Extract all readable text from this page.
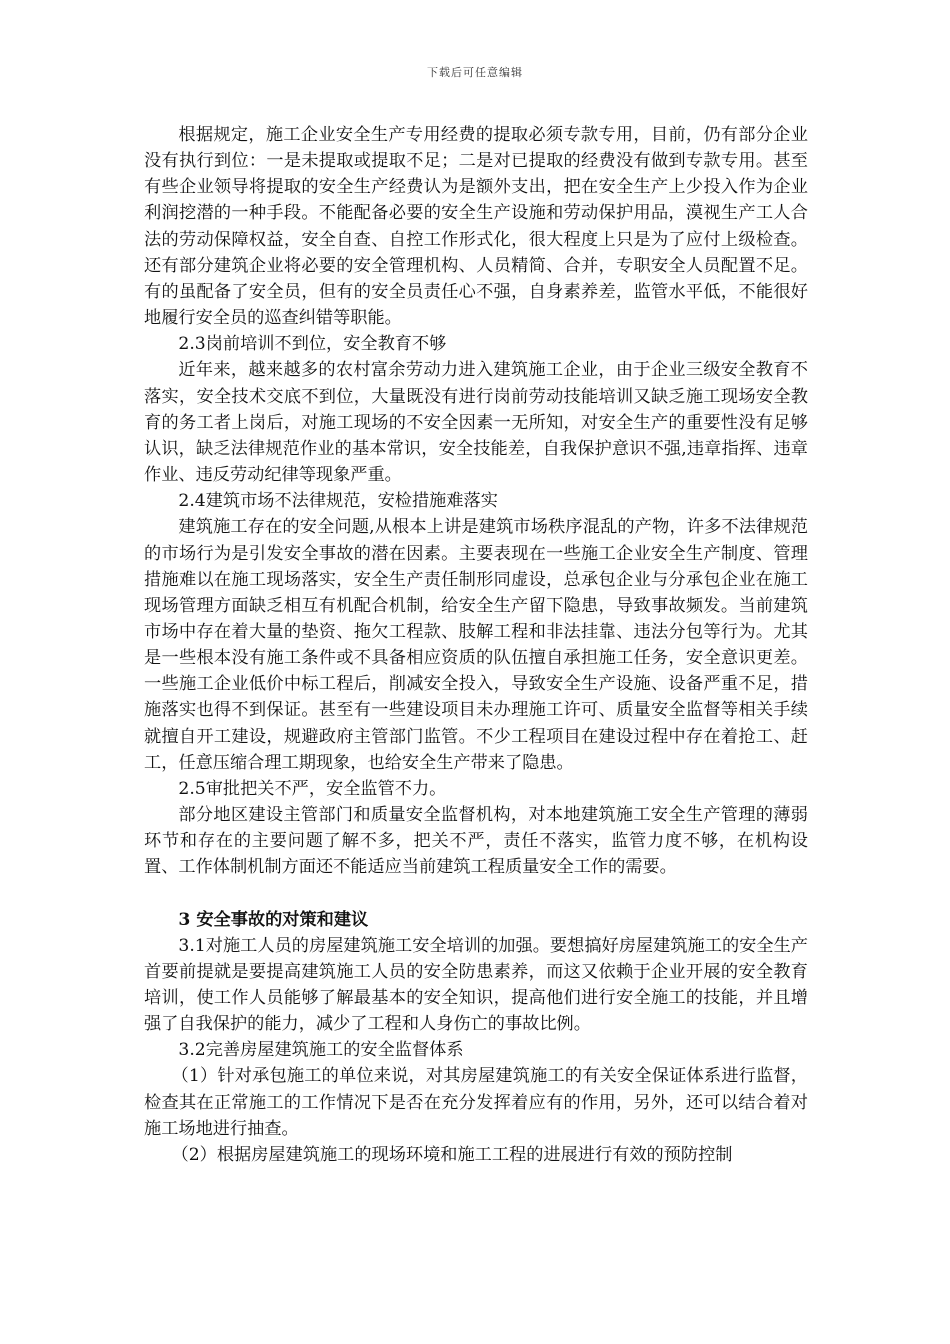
下载后可任意编辑

根据规定，施工企业安全生产专用经费的提取必须专款专用，目前，仍有部分企业没有执行到位：一是未提取或提取不足；二是对已提取的经费没有做到专款专用。甚至有些企业领导将提取的安全生产经费认为是额外支出，把在安全生产上少投入作为企业利润挖潜的一种手段。不能配备必要的安全生产设施和劳动保护用品，漠视生产工人合法的劳动保障权益，安全自查、自控工作形式化，很大程度上只是为了应付上级检查。还有部分建筑企业将必要的安全管理机构、人员精简、合并，专职安全人员配置不足。有的虽配备了安全员，但有的安全员责任心不强，自身素养差，监管水平低，不能很好地履行安全员的巡查纠错等职能。

2.3岗前培训不到位，安全教育不够

近年来，越来越多的农村富余劳动力进入建筑施工企业，由于企业三级安全教育不落实，安全技术交底不到位，大量既没有进行岗前劳动技能培训又缺乏施工现场安全教育的务工者上岗后，对施工现场的不安全因素一无所知，对安全生产的重要性没有足够认识，缺乏法律规范作业的基本常识，安全技能差，自我保护意识不强,违章指挥、违章作业、违反劳动纪律等现象严重。

2.4建筑市场不法律规范，安检措施难落实

建筑施工存在的安全问题,从根本上讲是建筑市场秩序混乱的产物，许多不法律规范的市场行为是引发安全事故的潜在因素。主要表现在一些施工企业安全生产制度、管理措施难以在施工现场落实，安全生产责任制形同虚设，总承包企业与分承包企业在施工现场管理方面缺乏相互有机配合机制，给安全生产留下隐患，导致事故频发。当前建筑市场中存在着大量的垫资、拖欠工程款、肢解工程和非法挂靠、违法分包等行为。尤其是一些根本没有施工条件或不具备相应资质的队伍擅自承担施工任务，安全意识更差。一些施工企业低价中标工程后，削减安全投入，导致安全生产设施、设备严重不足，措施落实也得不到保证。甚至有一些建设项目未办理施工许可、质量安全监督等相关手续就擅自开工建设，规避政府主管部门监管。不少工程项目在建设过程中存在着抢工、赶工，任意压缩合理工期现象，也给安全生产带来了隐患。

2.5审批把关不严，安全监管不力。

部分地区建设主管部门和质量安全监督机构，对本地建筑施工安全生产管理的薄弱环节和存在的主要问题了解不多，把关不严，责任不落实，监管力度不够，在机构设置、工作体制机制方面还不能适应当前建筑工程质量安全工作的需要。

3 安全事故的对策和建议

3.1对施工人员的房屋建筑施工安全培训的加强。要想搞好房屋建筑施工的安全生产首要前提就是要提高建筑施工人员的安全防患素养，而这又依赖于企业开展的安全教育培训，使工作人员能够了解最基本的安全知识，提高他们进行安全施工的技能，并且增强了自我保护的能力，减少了工程和人身伤亡的事故比例。

3.2完善房屋建筑施工的安全监督体系

（1）针对承包施工的单位来说，对其房屋建筑施工的有关安全保证体系进行监督，检查其在正常施工的工作情况下是否在充分发挥着应有的作用，另外，还可以结合着对施工场地进行抽查。

（2）根据房屋建筑施工的现场环境和施工工程的进展进行有效的预防控制
